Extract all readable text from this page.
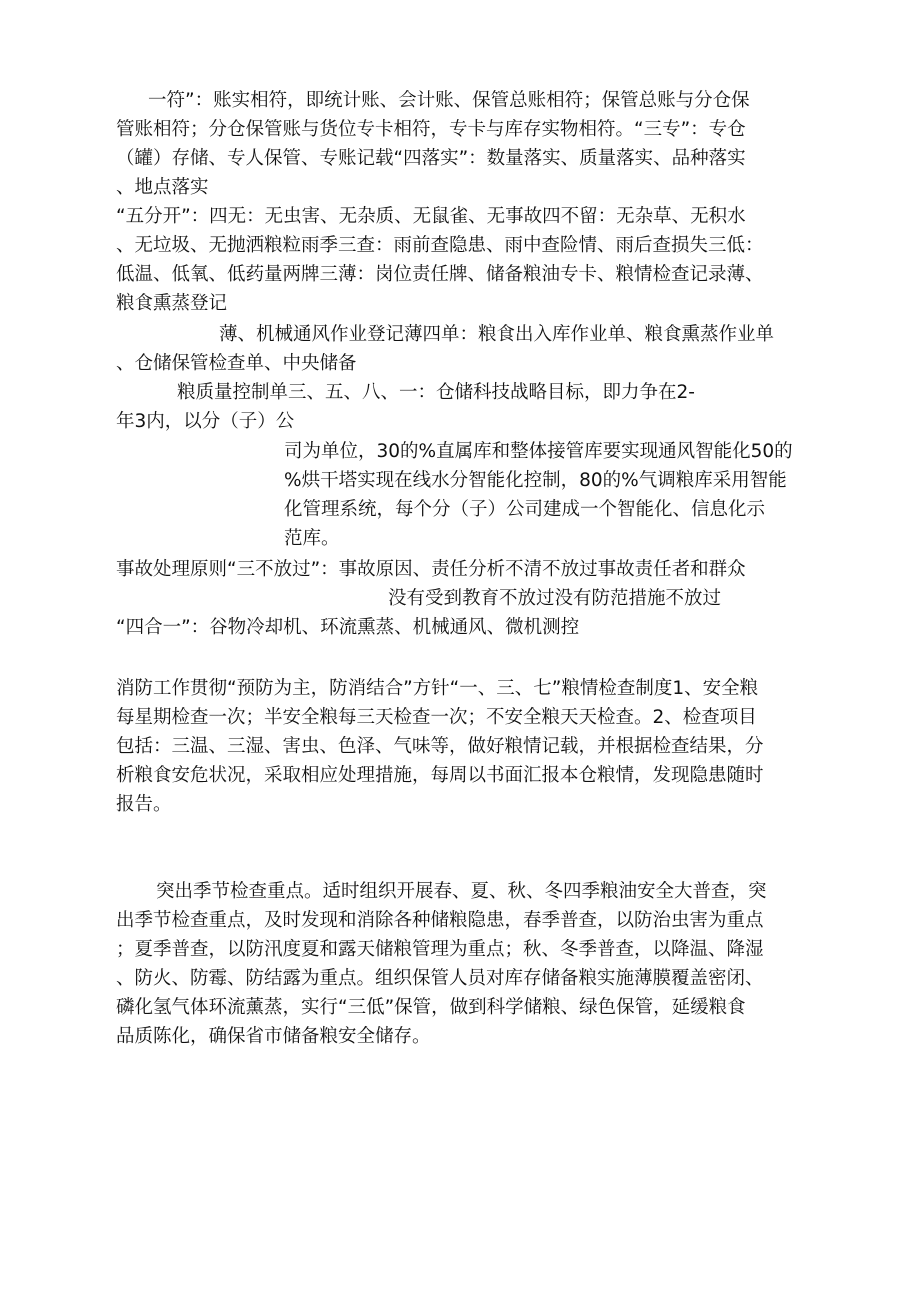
一符”：账实相符，即统计账、会计账、保管总账相符；保管总账与分仓保
管账相符；分仓保管账与货位专卡相符，专卡与库存实物相符。“三专”：专仓
（罐）存储、专人保管、专账记载“四落实”：数量落实、质量落实、品种落实
、地点落实
“五分开”：四无：无虫害、无杂质、无鼠雀、无事故四不留：无杂草、无积水
、无垃圾、无抛洒粮粒雨季三查：雨前查隐患、雨中查险情、雨后查损失三低：
低温、低氧、低药量两牌三薄：岗位责任牌、储备粮油专卡、粮情检查记录薄、
粮食熏蒸登记
薄、机械通风作业登记薄四单：粮食出入库作业单、粮食熏蒸作业单
、仓储保管检查单、中央储备
粮质量控制单三、五、八、一：仓储科技战略目标，即力争在2-
年3内，以分（子）公
司为单位，30的%直属库和整体接管库要实现通风智能化50的
%烘干塔实现在线水分智能化控制，80的%气调粮库采用智能
化管理系统，每个分（子）公司建成一个智能化、信息化示
范库。
事故处理原则“三不放过”：事故原因、责任分析不清不放过事故责任者和群众
没有受到教育不放过没有防范措施不放过
“四合一”：谷物冷却机、环流熏蒸、机械通风、微机测控
消防工作贯彻“预防为主，防消结合”方针“一、三、七”粮情检查制度1、安全粮
每星期检查一次；半安全粮每三天检查一次；不安全粮天天检查。2、检查项目
包括：三温、三湿、害虫、色泽、气味等，做好粮情记载，并根据检查结果，分
析粮食安危状况，采取相应处理措施，每周以书面汇报本仓粮情，发现隐患随时
报告。
突出季节检查重点。适时组织开展春、夏、秋、冬四季粮油安全大普查，突
出季节检查重点，及时发现和消除各种储粮隐患，春季普查，以防治虫害为重点
；夏季普查，以防汛度夏和露天储粮管理为重点；秋、冬季普查，以降温、降湿
、防火、防霉、防结露为重点。组织保管人员对库存储备粮实施薄膜覆盖密闭、
磷化氢气体环流薰蒸，实行“三低”保管，做到科学储粮、绿色保管，延缓粮食
品质陈化，确保省市储备粮安全储存。
